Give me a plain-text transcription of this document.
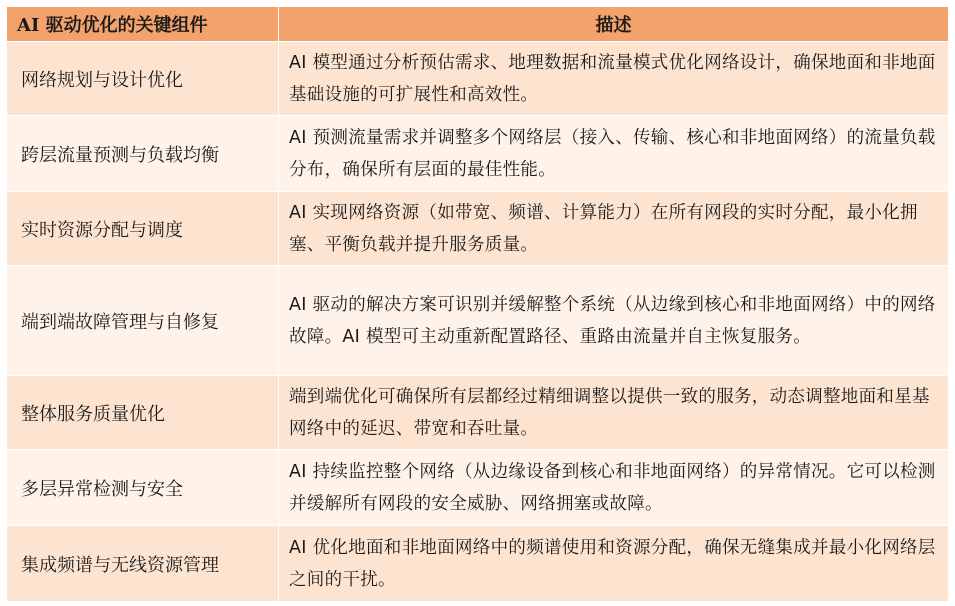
AI 驱动优化的关键组件	描述
网络规划与设计优化	AI 模型通过分析预估需求、地理数据和流量模式优化网络设计，确保地面和非地面基础设施的可扩展性和高效性。
跨层流量预测与负载均衡	AI 预测流量需求并调整多个网络层（接入、传输、核心和非地面网络）的流量负载分布，确保所有层面的最佳性能。
实时资源分配与调度	AI 实现网络资源（如带宽、频谱、计算能力）在所有网段的实时分配，最小化拥塞、平衡负载并提升服务质量。
端到端故障管理与自修复	AI 驱动的解决方案可识别并缓解整个系统（从边缘到核心和非地面网络）中的网络故障。AI 模型可主动重新配置路径、重路由流量并自主恢复服务。
整体服务质量优化	端到端优化可确保所有层都经过精细调整以提供一致的服务，动态调整地面和星基网络中的延迟、带宽和吞吐量。
多层异常检测与安全	AI 持续监控整个网络（从边缘设备到核心和非地面网络）的异常情况。它可以检测并缓解所有网段的安全威胁、网络拥塞或故障。
集成频谱与无线资源管理	AI 优化地面和非地面网络中的频谱使用和资源分配，确保无缝集成并最小化网络层之间的干扰。
